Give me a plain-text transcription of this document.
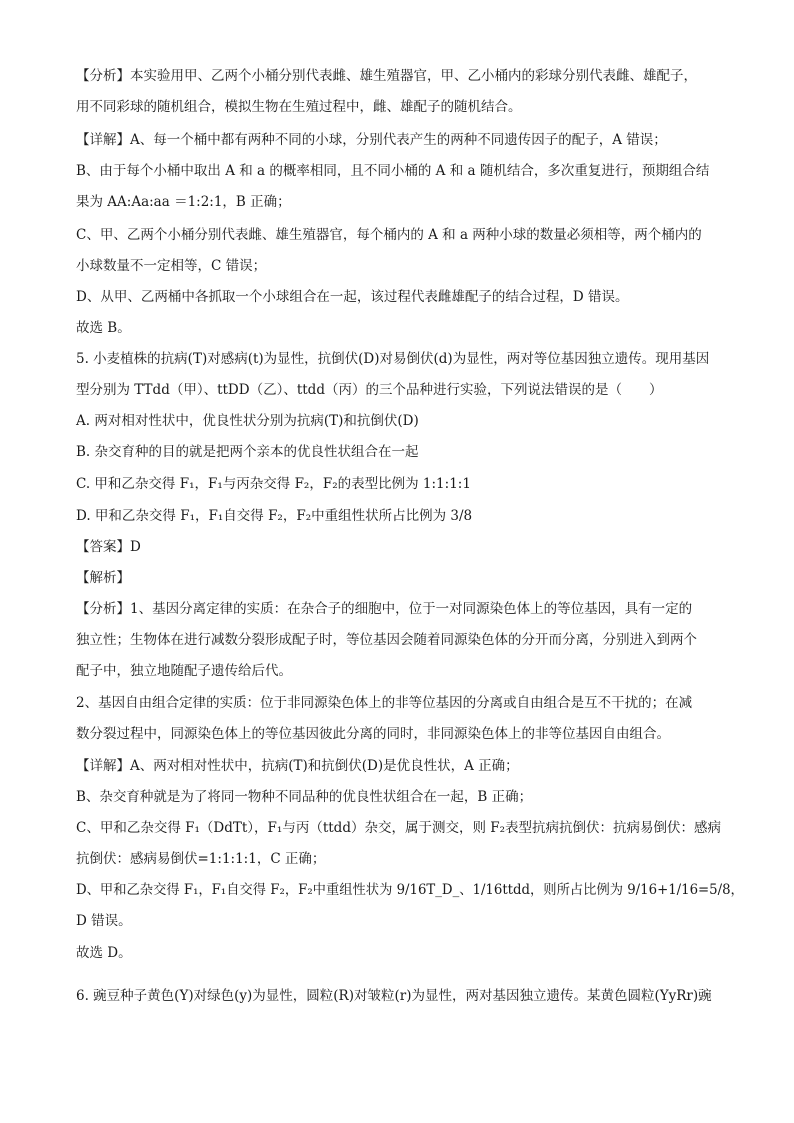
【分析】本实验用甲、乙两个小桶分别代表雌、雄生殖器官，甲、乙小桶内的彩球分别代表雌、雄配子，
用不同彩球的随机组合，模拟生物在生殖过程中，雌、雄配子的随机结合。
【详解】A、每一个桶中都有两种不同的小球，分别代表产生的两种不同遗传因子的配子，A 错误；
B、由于每个小桶中取出 A 和 a 的概率相同，且不同小桶的 A 和 a 随机结合，多次重复进行，预期组合结
果为 AA:Aa:aa ＝1:2:1，B 正确；
C、甲、乙两个小桶分别代表雌、雄生殖器官，每个桶内的 A 和 a 两种小球的数量必须相等，两个桶内的
小球数量不一定相等，C 错误；
D、从甲、乙两桶中各抓取一个小球组合在一起，该过程代表雌雄配子的结合过程，D 错误。
故选 B。
5. 小麦植株的抗病(T)对感病(t)为显性，抗倒伏(D)对易倒伏(d)为显性，两对等位基因独立遗传。现用基因
型分别为 TTdd（甲）、ttDD（乙）、ttdd（丙）的三个品种进行实验，下列说法错误的是（　　）
A. 两对相对性状中，优良性状分别为抗病(T)和抗倒伏(D)
B. 杂交育种的目的就是把两个亲本的优良性状组合在一起
C. 甲和乙杂交得 F₁，F₁与丙杂交得 F₂，F₂的表型比例为 1:1:1:1
D. 甲和乙杂交得 F₁，F₁自交得 F₂，F₂中重组性状所占比例为 3/8
【答案】D
【解析】
【分析】1、基因分离定律的实质：在杂合子的细胞中，位于一对同源染色体上的等位基因，具有一定的
独立性；生物体在进行减数分裂形成配子时，等位基因会随着同源染色体的分开而分离，分别进入到两个
配子中，独立地随配子遗传给后代。
2、基因自由组合定律的实质：位于非同源染色体上的非等位基因的分离或自由组合是互不干扰的；在减
数分裂过程中，同源染色体上的等位基因彼此分离的同时，非同源染色体上的非等位基因自由组合。
【详解】A、两对相对性状中，抗病(T)和抗倒伏(D)是优良性状，A 正确；
B、杂交育种就是为了将同一物种不同品种的优良性状组合在一起，B 正确；
C、甲和乙杂交得 F₁（DdTt），F₁与丙（ttdd）杂交，属于测交，则 F₂表型抗病抗倒伏：抗病易倒伏：感病
抗倒伏：感病易倒伏=1:1:1:1，C 正确；
D、甲和乙杂交得 F₁，F₁自交得 F₂，F₂中重组性状为 9/16T_D_、1/16ttdd，则所占比例为 9/16+1/16=5/8，
D 错误。
故选 D。
6. 豌豆种子黄色(Y)对绿色(y)为显性，圆粒(R)对皱粒(r)为显性，两对基因独立遗传。某黄色圆粒(YyRr)豌
